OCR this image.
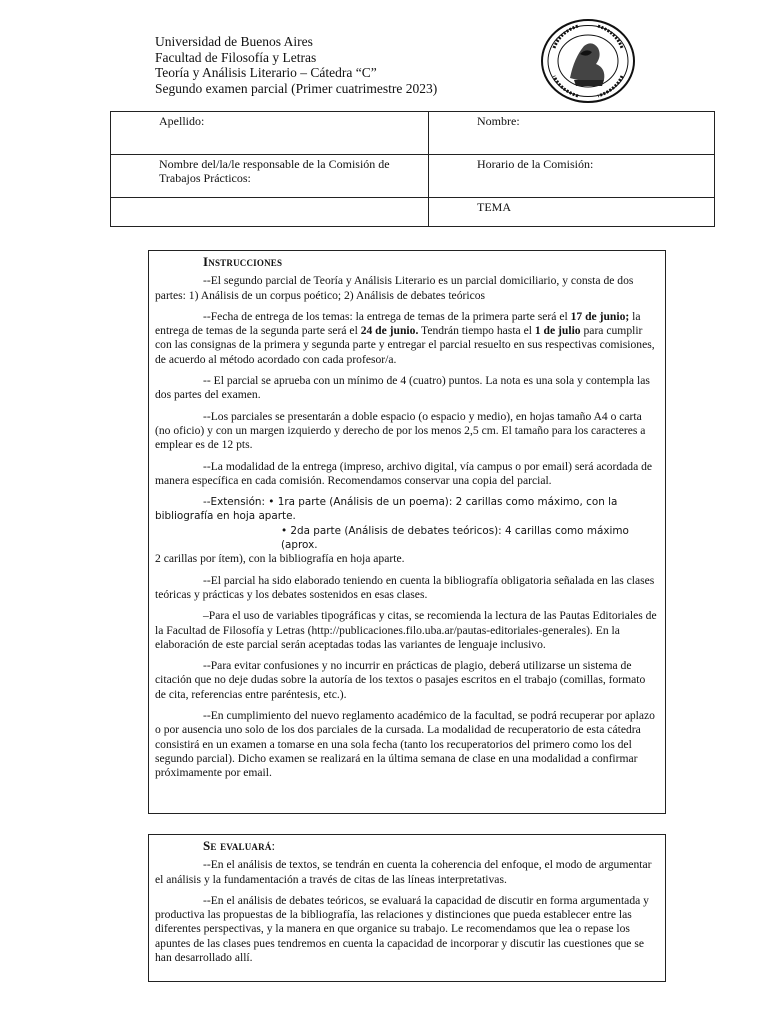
Universidad de Buenos Aires
Facultad de Filosofía y Letras
Teoría y Análisis Literario – Cátedra “C”
Segundo examen parcial (Primer cuatrimestre 2023)
Apellido:	Nombre:
Nombre del/la/le responsable de la Comisión de Trabajos Prácticos:	Horario de la Comisión:
	TEMA
Instrucciones

--El segundo parcial de Teoría y Análisis Literario es un parcial domiciliario, y consta de dos partes: 1) Análisis de un corpus poético; 2) Análisis de debates teóricos

--Fecha de entrega de los temas: la entrega de temas de la primera parte será el 17 de junio; la entrega de temas de la segunda parte será el 24 de junio. Tendrán tiempo hasta el 1 de julio para cumplir con las consignas de la primera y segunda parte y entregar el parcial resuelto en sus respectivas comisiones, de acuerdo al método acordado con cada profesor/a.

-- El parcial se aprueba con un mínimo de 4 (cuatro) puntos. La nota es una sola y contempla las dos partes del examen.

--Los parciales se presentarán a doble espacio (o espacio y medio), en hojas tamaño A4 o carta (no oficio) y con un margen izquierdo y derecho de por los menos 2,5 cm. El tamaño para los caracteres a emplear es de 12 pts.

--La modalidad de la entrega (impreso, archivo digital, vía campus o por email) será acordada de manera específica en cada comisión. Recomendamos conservar una copia del parcial.

--Extensión: • 1ra parte (Análisis de un poema): 2 carillas como máximo, con la bibliografía en hoja aparte.

• 2da parte (Análisis de debates teóricos): 4 carillas como máximo (aprox.
2 carillas por ítem), con la bibliografía en hoja aparte.

--El parcial ha sido elaborado teniendo en cuenta la bibliografía obligatoria señalada en las clases teóricas y prácticas y los debates sostenidos en esas clases.

–Para el uso de variables tipográficas y citas, se recomienda la lectura de las Pautas Editoriales de la Facultad de Filosofía y Letras (http://publicaciones.filo.uba.ar/pautas-editoriales-generales). En la elaboración de este parcial serán aceptadas todas las variantes de lenguaje inclusivo.

--Para evitar confusiones y no incurrir en prácticas de plagio, deberá utilizarse un sistema de citación que no deje dudas sobre la autoría de los textos o pasajes escritos en el trabajo (comillas, formato de cita, referencias entre paréntesis, etc.).

--En cumplimiento del nuevo reglamento académico de la facultad, se podrá recuperar por aplazo o por ausencia uno solo de los dos parciales de la cursada. La modalidad de recuperatorio de esta cátedra consistirá en un examen a tomarse en una sola fecha (tanto los recuperatorios del primero como los del segundo parcial). Dicho examen se realizará en la última semana de clase en una modalidad a confirmar próximamente por email.

Se evaluará:

--En el análisis de textos, se tendrán en cuenta la coherencia del enfoque, el modo de argumentar el análisis y la fundamentación a través de citas de las líneas interpretativas.

--En el análisis de debates teóricos, se evaluará la capacidad de discutir en forma argumentada y productiva las propuestas de la bibliografía, las relaciones y distinciones que pueda establecer entre las diferentes perspectivas, y la manera en que organice su trabajo. Le recomendamos que lea o repase los apuntes de las clases pues tendremos en cuenta la capacidad de incorporar y discutir las cuestiones que se han desarrollado allí.
